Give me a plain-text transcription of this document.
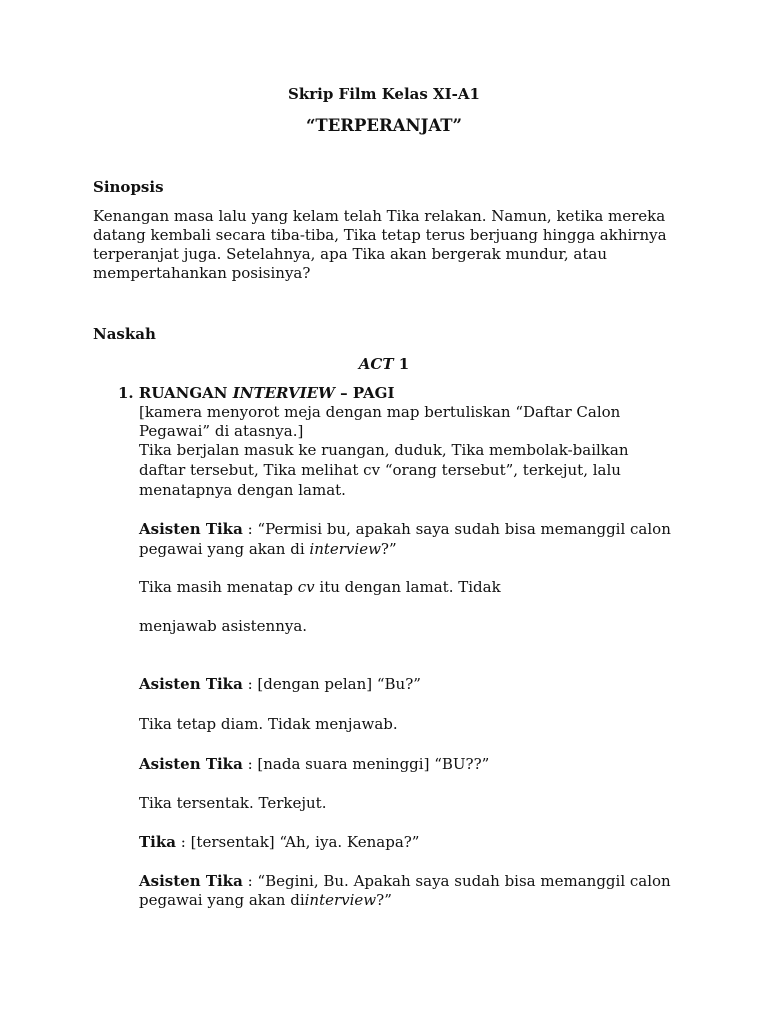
Skrip Film Kelas XI-A1
“TERPERANJAT”
Sinopsis
Kenangan masa lalu yang kelam telah Tika relakan. Namun, ketika mereka
datang kembali secara tiba-tiba, Tika tetap terus berjuang hingga akhirnya
terperanjat juga. Setelahnya, apa Tika akan bergerak mundur, atau
mempertahankan posisinya?
Naskah
ACT 1
1. RUANGAN INTERVIEW – PAGI
[kamera menyorot meja dengan map bertuliskan “Daftar Calon
Pegawai” di atasnya.]
Tika berjalan masuk ke ruangan, duduk, Tika membolak-bailkan
daftar tersebut, Tika melihat cv “orang tersebut”, terkejut, lalu
menatapnya dengan lamat.
Asisten Tika : “Permisi bu, apakah saya sudah bisa memanggil calon
pegawai yang akan di interview?”
Tika masih menatap cv itu dengan lamat. Tidak
menjawab asistennya.
Asisten Tika : [dengan pelan] “Bu?”
Tika tetap diam. Tidak menjawab.
Asisten Tika : [nada suara meninggi] “BU??”
Tika tersentak. Terkejut.
Tika : [tersentak] “Ah, iya. Kenapa?”
Asisten Tika : “Begini, Bu. Apakah saya sudah bisa memanggil calon
pegawai yang akan diinterview?”
